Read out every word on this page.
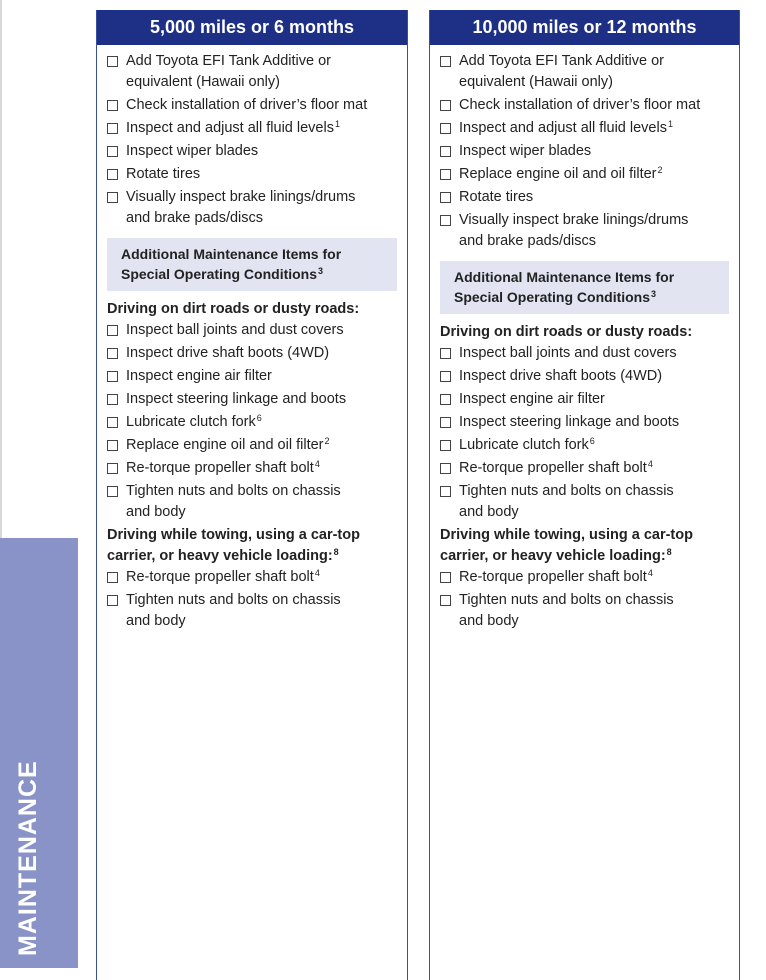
MAINTENANCE
5,000 miles or 6 months
Add Toyota EFI Tank Additive or
equivalent (Hawaii only)
Check installation of driver’s floor mat
Inspect and adjust all fluid levels$^1$
Inspect wiper blades
Rotate tires
Visually inspect brake linings/drums
and brake pads/discs
Additional Maintenance Items for
Special Operating Conditions$^3$
Driving on dirt roads or dusty roads:
Inspect ball joints and dust covers
Inspect drive shaft boots (4WD)
Inspect engine air filter
Inspect steering linkage and boots
Lubricate clutch fork$^6$
Replace engine oil and oil filter$^2$
Re-torque propeller shaft bolt$^4$
Tighten nuts and bolts on chassis
and body
Driving while towing, using a car-top
carrier, or heavy vehicle loading:$^8$
Re-torque propeller shaft bolt$^4$
Tighten nuts and bolts on chassis
and body
10,000 miles or 12 months
Add Toyota EFI Tank Additive or
equivalent (Hawaii only)
Check installation of driver’s floor mat
Inspect and adjust all fluid levels$^1$
Inspect wiper blades
Replace engine oil and oil filter$^2$
Rotate tires
Visually inspect brake linings/drums
and brake pads/discs
Additional Maintenance Items for
Special Operating Conditions$^3$
Driving on dirt roads or dusty roads:
Inspect ball joints and dust covers
Inspect drive shaft boots (4WD)
Inspect engine air filter
Inspect steering linkage and boots
Lubricate clutch fork$^6$
Re-torque propeller shaft bolt$^4$
Tighten nuts and bolts on chassis
and body
Driving while towing, using a car-top
carrier, or heavy vehicle loading:$^8$
Re-torque propeller shaft bolt$^4$
Tighten nuts and bolts on chassis
and body
